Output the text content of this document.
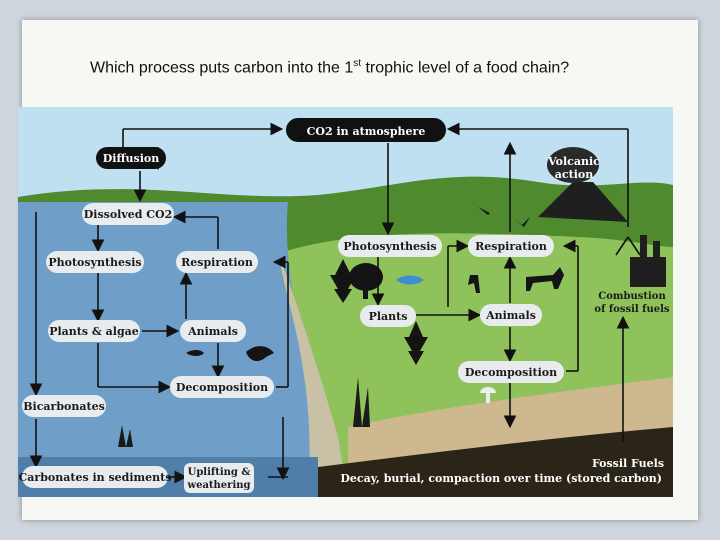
Which process puts carbon into the 1st trophic level of a food chain?
CO2 in atmosphere
Diffusion
Dissolved CO2
Photosynthesis	Respiration
Plants & algae	Animals
Decomposition
Bicarbonates
Carbonates in sediments Uplifting &
weathering
Volcanic
action
Photosynthesis	Respiration
Plants	Animals
Decomposition
Combustion
of fossil fuels
Fossil Fuels
Decay, burial, compaction over time (stored carbon)
